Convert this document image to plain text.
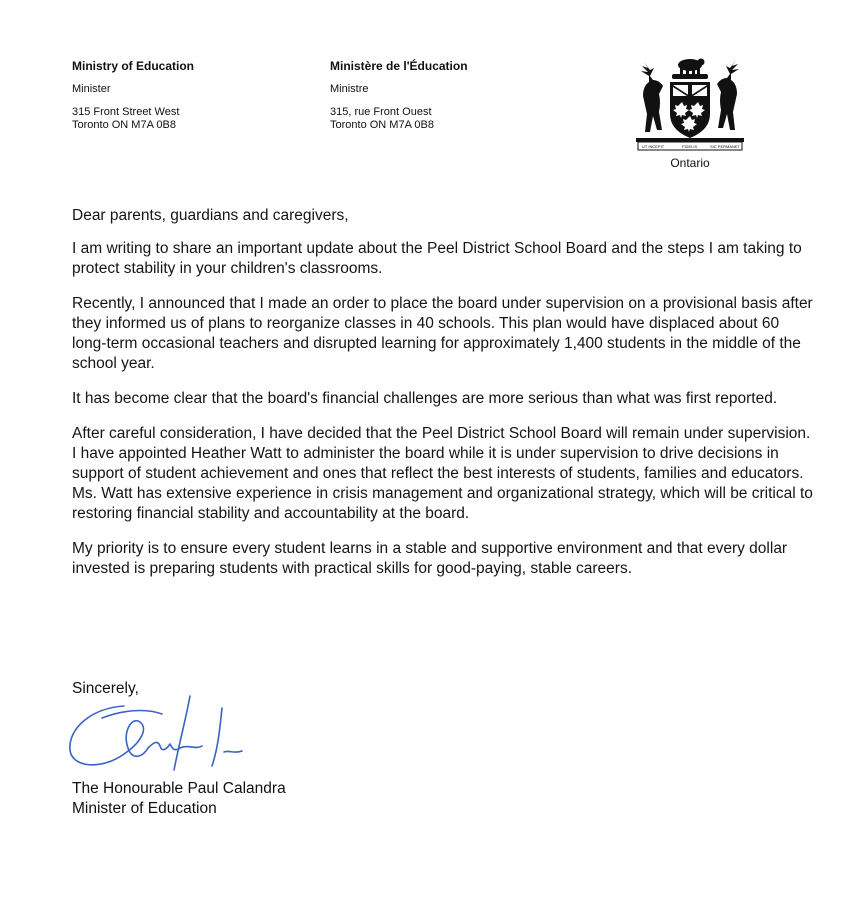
Ministry of Education
Minister
315 Front Street West
Toronto ON M7A 0B8
Ministère de l'Éducation
Ministre
315, rue Front Ouest
Toronto ON M7A 0B8
UT INCEPIT	FIDELIS	SIC PERMANET
Ontario

Dear parents, guardians and caregivers,

I am writing to share an important update about the Peel District School Board and the steps I am taking to protect stability in your children's classrooms.

Recently, I announced that I made an order to place the board under supervision on a provisional basis after they informed us of plans to reorganize classes in 40 schools. This plan would have displaced about 60 long-term occasional teachers and disrupted learning for approximately 1,400 students in the middle of the school year.

It has become clear that the board's financial challenges are more serious than what was first reported.

After careful consideration, I have decided that the Peel District School Board will remain under supervision. I have appointed Heather Watt to administer the board while it is under supervision to drive decisions in support of student achievement and ones that reflect the best interests of students, families and educators. Ms. Watt has extensive experience in crisis management and organizational strategy, which will be critical to restoring financial stability and accountability at the board.

My priority is to ensure every student learns in a stable and supportive environment and that every dollar invested is preparing students with practical skills for good-paying, stable careers.

Sincerely,
The Honourable Paul Calandra
Minister of Education
